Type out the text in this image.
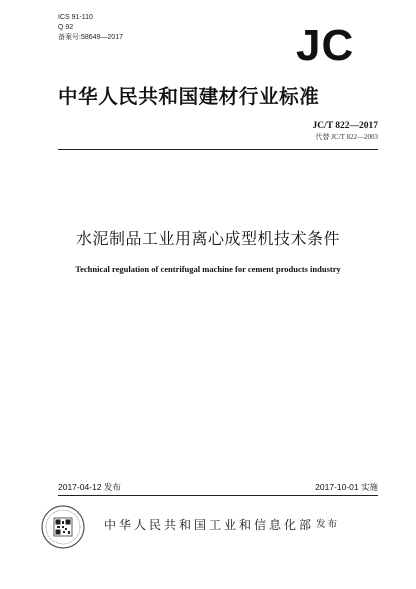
ICS 91-110
Q 92
备案号:58649—2017	JC
中华人民共和国建材行业标准
JC/T 822—2017
代替 JC/T 822—2003
水泥制品工业用离心成型机技术条件
Technical regulation of centrifugal machine for cement products industry
2017-04-12 发布	2017-10-01 实施
中华人民共和国工业和信息化部 发布
